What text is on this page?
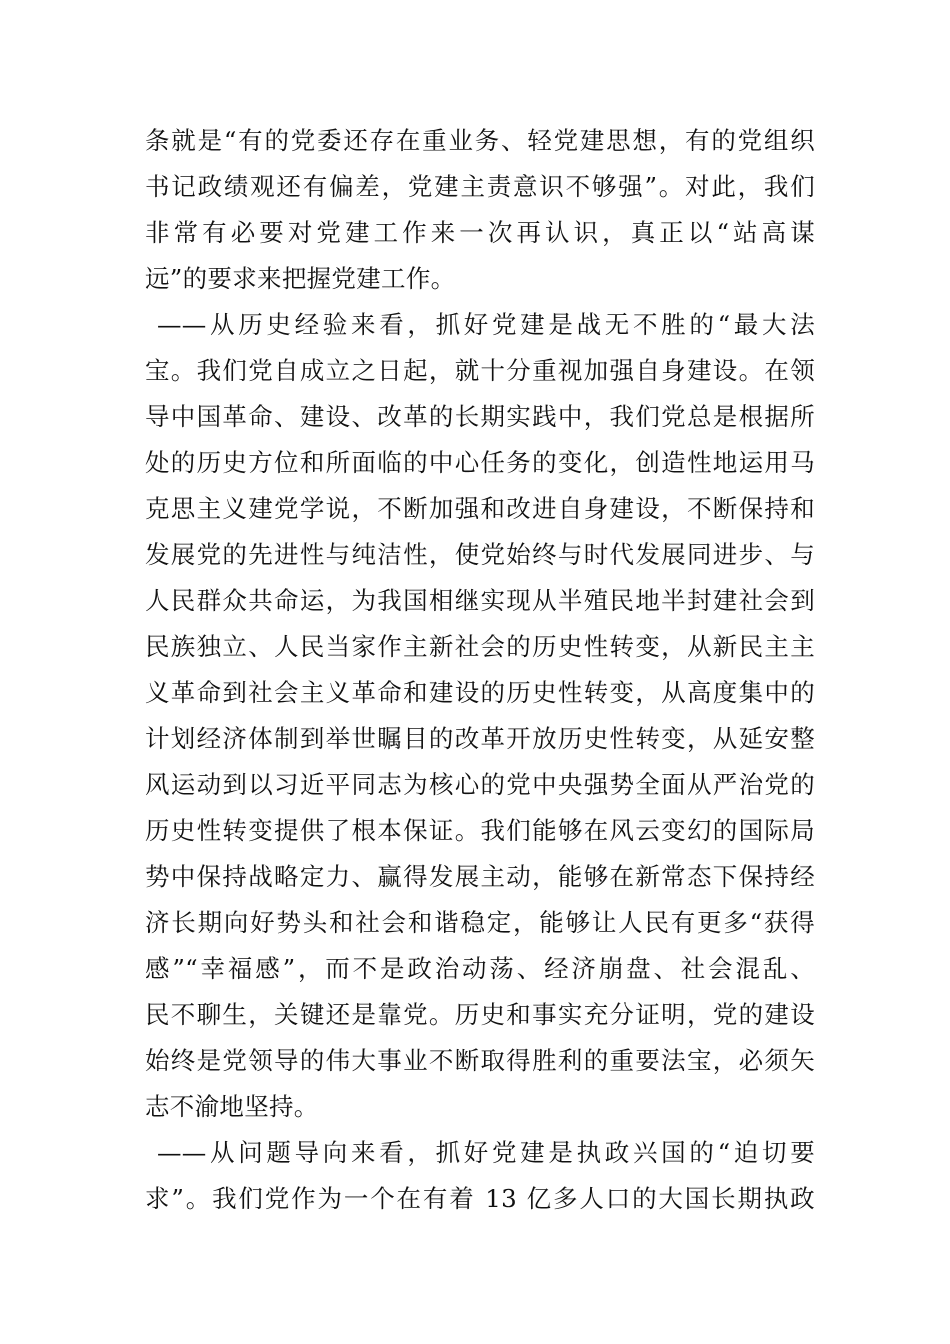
条就是“有的党委还存在重业务、轻党建思想，有的党组织
书记政绩观还有偏差，党建主责意识不够强”。对此，我们
非常有必要对党建工作来一次再认识，真正以“站高谋
远”的要求来把握党建工作。
——从历史经验来看，抓好党建是战无不胜的“最大法
宝。我们党自成立之日起，就十分重视加强自身建设。在领
导中国革命、建设、改革的长期实践中，我们党总是根据所
处的历史方位和所面临的中心任务的变化，创造性地运用马
克思主义建党学说，不断加强和改进自身建设，不断保持和
发展党的先进性与纯洁性，使党始终与时代发展同进步、与
人民群众共命运，为我国相继实现从半殖民地半封建社会到
民族独立、人民当家作主新社会的历史性转变，从新民主主
义革命到社会主义革命和建设的历史性转变，从高度集中的
计划经济体制到举世瞩目的改革开放历史性转变，从延安整
风运动到以习近平同志为核心的党中央强势全面从严治党的
历史性转变提供了根本保证。我们能够在风云变幻的国际局
势中保持战略定力、赢得发展主动，能够在新常态下保持经
济长期向好势头和社会和谐稳定，能够让人民有更多“获得
感”“幸福感”，而不是政治动荡、经济崩盘、社会混乱、
民不聊生，关键还是靠党。历史和事实充分证明，党的建设
始终是党领导的伟大事业不断取得胜利的重要法宝，必须矢
志不渝地坚持。
——从问题导向来看，抓好党建是执政兴国的“迫切要
求”。我们党作为一个在有着 13 亿多人口的大国长期执政
